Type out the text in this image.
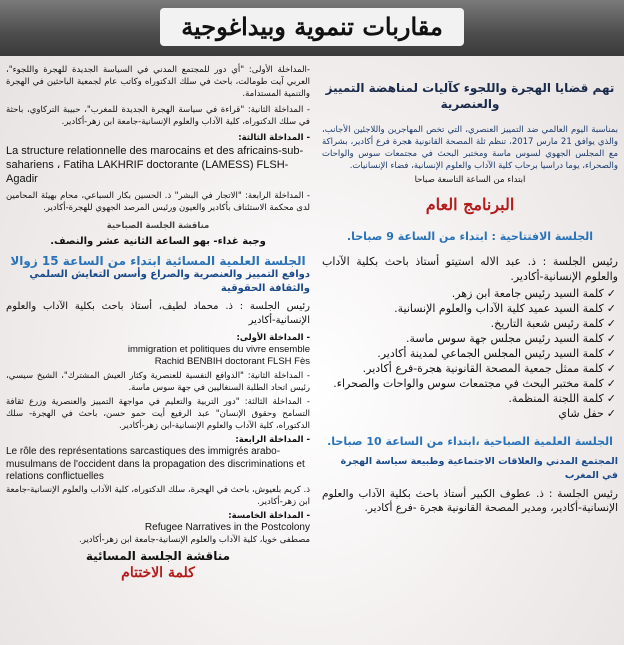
مقاربات تنموية وبيداغوجية

-المداخلة الأولى: "أي دور للمجتمع المدني في السياسة الجديدة للهجرة واللجوء"، العربي آيت طومالت، باحث في سلك الدكتوراه وكاتب عام لجمعية الباحثين في الهجرة والتنمية المستدامة.

- المداخلة الثانية: "قراءة في سياسة الهجرة الجديدة للمغرب"، حبيبة التركاوي، باحثة في سلك الدكتوراه، كلية الآداب والعلوم الإنسانية-جامعة ابن زهر-أكادير.

- المداخلة الثالثة:

La structure relationnelle des marocains et des africains-sub-sahariens ، Fatiha LAKHRIF doctorante (LAMESS) FLSH-Agadir

- المداخلة الرابعة: "الاتجار في البشر" ذ. الحسين بكار السباعي، محام بهيئة المحامين لدى محكمة الاستئناف بأكادير والعيون ورئيس المرصد الجهوي للهجرة-أكادير.

مناقشة الجلسة الصباحية

وجبة غداء- بهو الساعة الثانية عشر والنصف.

الجلسة العلمية المسائية ابتداء من الساعة 15 زوالا

دوافع التمييز والعنصرية والصراع وأسس التعايش السلمي والثقافة الحقوقية

رئيس الجلسة : ذ. محماد لطيف، أستاذ باحث بكلية الآداب والعلوم الإنسانية-أكادير

- المداخلة الأولى:

immigration et politiques du vivre ensemble

Rachid BENBIH doctorant FLSH Fès

- المداخلة الثانية: "الدوافع النفسية للعنصرية وكثار العيش المشترك"، الشيخ سيسي، رئيس اتحاد الطلبة السنغاليين في جهة سوس ماسة.

- المداخلة الثالثة: "دور التربية والتعليم في مواجهة التمييز والعنصرية وزرع ثقافة التسامح وحقوق الإنسان" عبد الرفيع أيت حمو حسن، باحث في الهجرة- سلك الدكتوراه، كلية الآداب والعلوم الإنسانية-ابن زهر-أكادير.

- المداخلة الرابعة:

Le rôle des représentations sarcastiques des immigrés arabo-musulmans de l'occident dans la propagation des discriminations et relations conflictuelles

ذ. كريم بلعيوش، باحث في الهجرة، سلك الدكتوراه، كلية الآداب والعلوم الإنسانية-جامعة ابن زهر-أكادير.

- المداخلة الخامسة:

Refugee Narratives in the Postcolony

مصطفى خويا، كلية الآداب والعلوم الإنسانية-جامعة ابن زهر-أكادير.

مناقشة الجلسة المسائية

كلمة الاختتام

تهم قضايا الهجرة واللجوء كآليات لمناهضة التمييز والعنصرية

بمناسبة اليوم العالمي ضد التمييز العنصري، التي تخص المهاجرين واللاجئين الأجانب، والذي يوافق 21 مارس 2017، تنظم ثلة المصحة القانونية هجرة فرع أكادير، بشراكة مع المجلس الجهوي لسوس ماسة ومختبر البحث في مجتمعات سوس والواحات والصحراء، يوما دراسيا برحاب كلية الآداب والعلوم الإنسانية، فضاء الإنسانيات.

ابتداء من الساعة التاسعة صباحا

البرنامج العام

الجلسة الافتتاحية : ابتداء من الساعة 9 صباحا.

رئيس الجلسة : ذ. عبد الاله استيتو أستاذ باحث بكلية الآداب والعلوم الإنسانية-أكادير.

✓ كلمة السيد رئيس جامعة ابن زهر.
✓ كلمة السيد عميد كلية الآداب والعلوم الإنسانية.
✓ كلمة رئيس شعبة التاريخ.
✓ كلمة السيد رئيس مجلس جهة سوس ماسة.
✓ كلمة السيد رئيس المجلس الجماعي لمدينة أكادير.
✓ كلمة ممثل جمعية المصحة القانونية هجرة-فرع أكادير.
✓ كلمة مختبر البحث في مجتمعات سوس والواحات والصحراء.
✓ كلمة اللجنة المنظمة.
✓ حفل شاي

الجلسة العلمية الصباحية ،ابتداء من الساعة 10 صباحا.

المجتمع المدني والعلاقات الاجتماعية وطبيعة سياسة الهجرة في المغرب

رئيس الجلسة : ذ. عطوف الكبير أستاذ باحث بكلية الآداب والعلوم الإنسانية-أكادير، ومدير المصحة القانونية هجرة -فرع أكادير.
